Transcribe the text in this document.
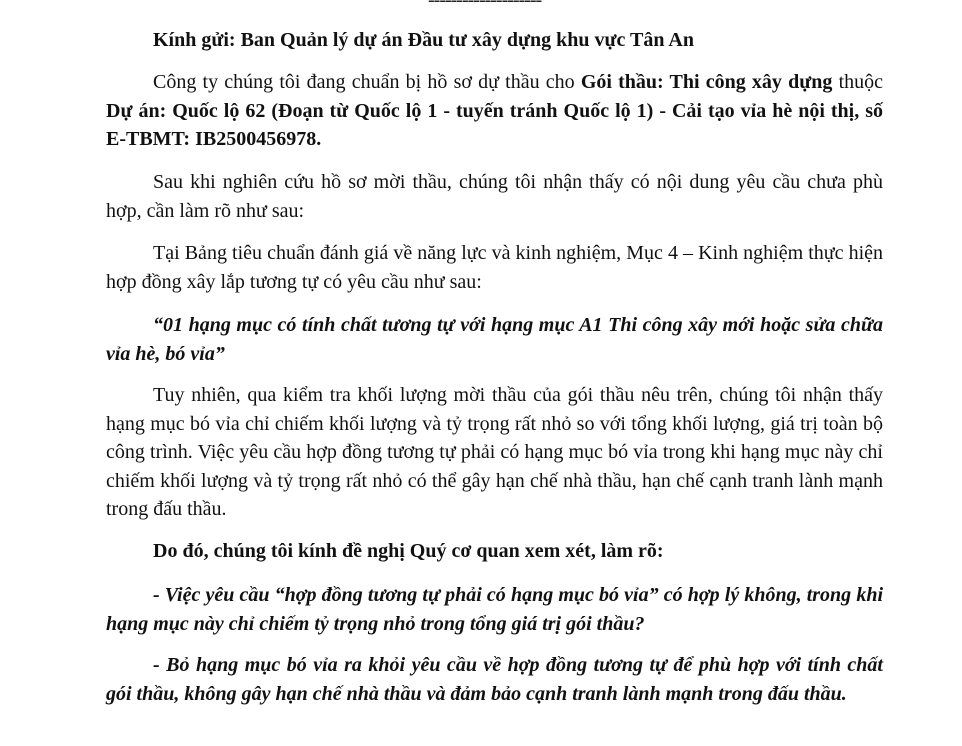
--------------------

Kính gửi: Ban Quản lý dự án Đầu tư xây dựng khu vực Tân An

Công ty chúng tôi đang chuẩn bị hồ sơ dự thầu cho Gói thầu: Thi công xây dựng thuộc Dự án: Quốc lộ 62 (Đoạn từ Quốc lộ 1 - tuyến tránh Quốc lộ 1) - Cải tạo vỉa hè nội thị, số E-TBMT: IB2500456978.

Sau khi nghiên cứu hồ sơ mời thầu, chúng tôi nhận thấy có nội dung yêu cầu chưa phù hợp, cần làm rõ như sau:

Tại Bảng tiêu chuẩn đánh giá về năng lực và kinh nghiệm, Mục 4 – Kinh nghiệm thực hiện hợp đồng xây lắp tương tự có yêu cầu như sau:

“01 hạng mục có tính chất tương tự với hạng mục A1 Thi công xây mới hoặc sửa chữa vỉa hè, bó vỉa”

Tuy nhiên, qua kiểm tra khối lượng mời thầu của gói thầu nêu trên, chúng tôi nhận thấy hạng mục bó vỉa chỉ chiếm khối lượng và tỷ trọng rất nhỏ so với tổng khối lượng, giá trị toàn bộ công trình. Việc yêu cầu hợp đồng tương tự phải có hạng mục bó vỉa trong khi hạng mục này chỉ chiếm khối lượng và tỷ trọng rất nhỏ có thể gây hạn chế nhà thầu, hạn chế cạnh tranh lành mạnh trong đấu thầu.

Do đó, chúng tôi kính đề nghị Quý cơ quan xem xét, làm rõ:

- Việc yêu cầu “hợp đồng tương tự phải có hạng mục bó vỉa” có hợp lý không, trong khi hạng mục này chỉ chiếm tỷ trọng nhỏ trong tổng giá trị gói thầu?

- Bỏ hạng mục bó vỉa ra khỏi yêu cầu về hợp đồng tương tự để phù hợp với tính chất gói thầu, không gây hạn chế nhà thầu và đảm bảo cạnh tranh lành mạnh trong đấu thầu.
